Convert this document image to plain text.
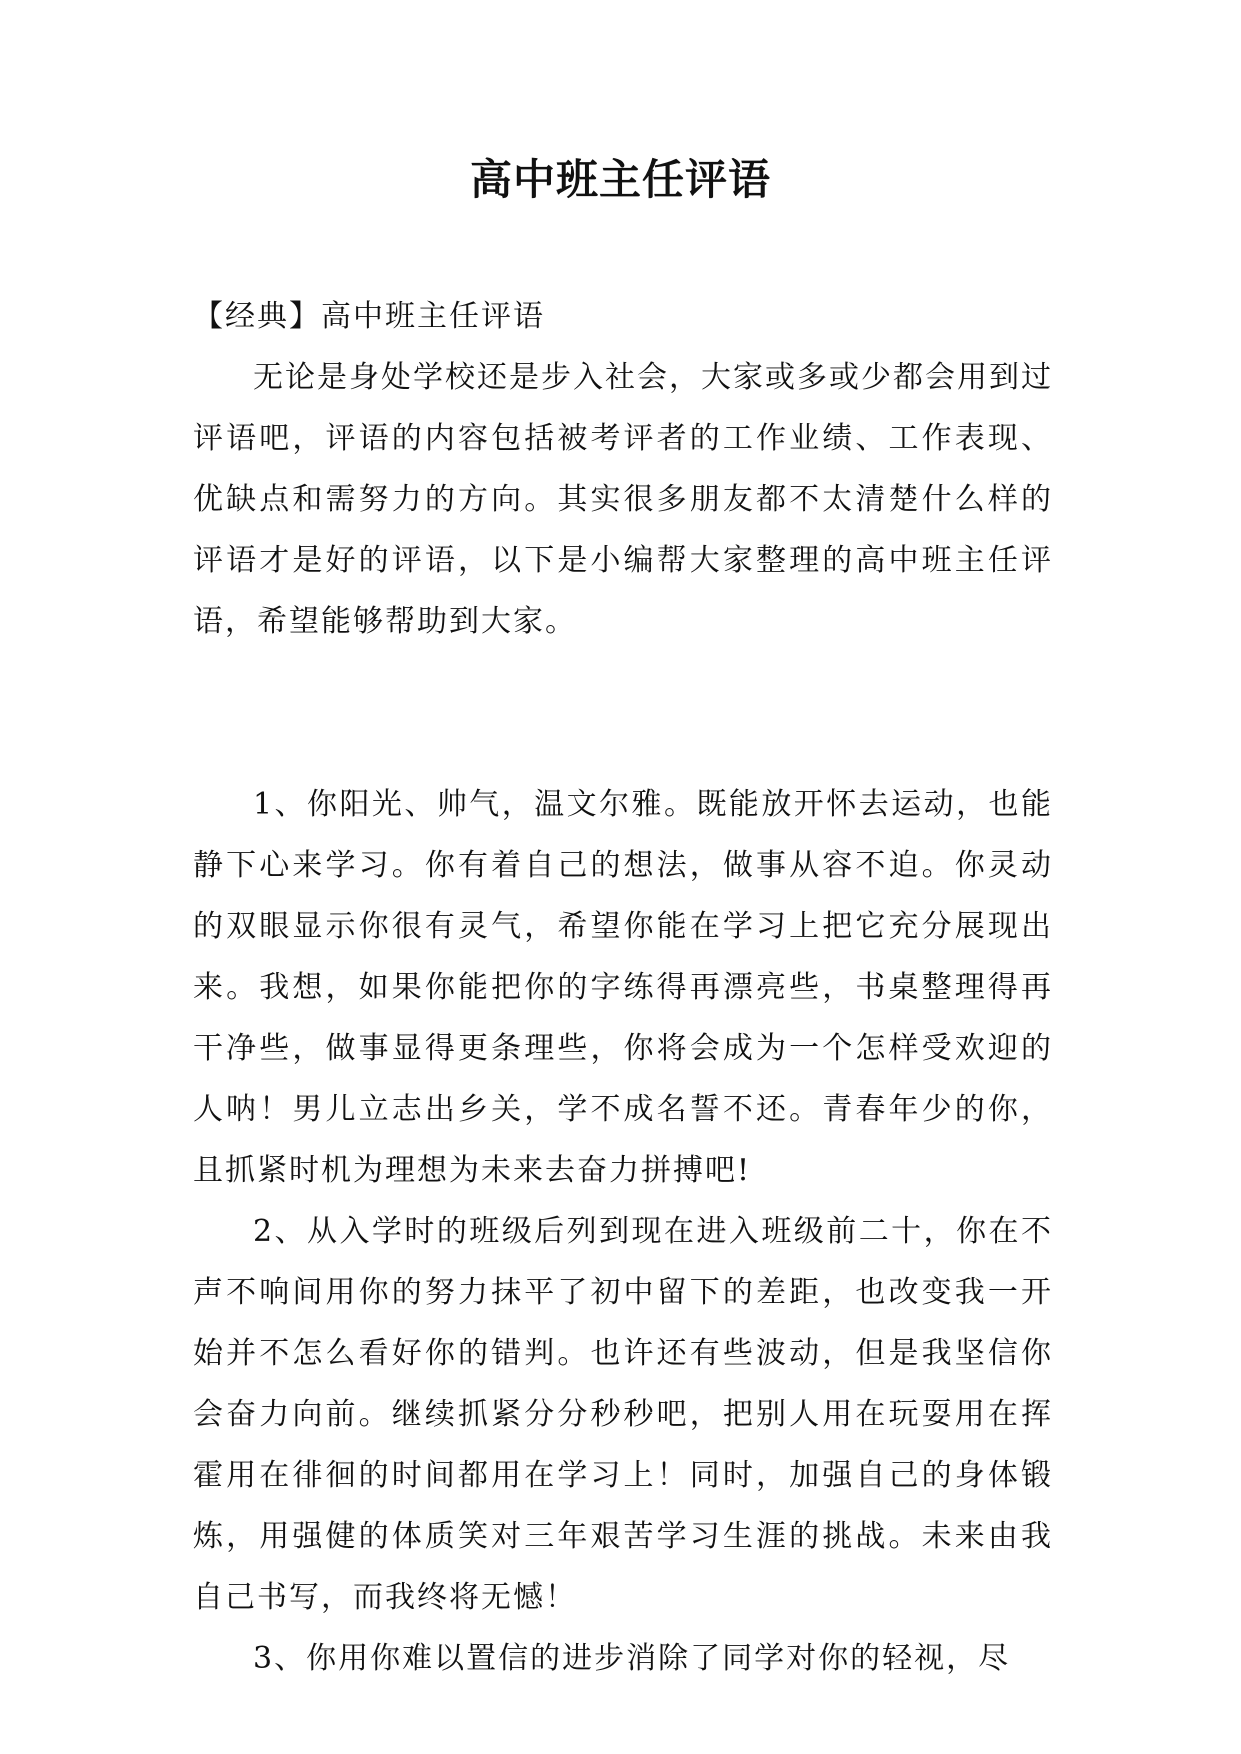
高中班主任评语

【经典】高中班主任评语

无论是身处学校还是步入社会，大家或多或少都会用到过评语吧，评语的内容包括被考评者的工作业绩、工作表现、优缺点和需努力的方向。其实很多朋友都不太清楚什么样的评语才是好的评语，以下是小编帮大家整理的高中班主任评语，希望能够帮助到大家。

1、你阳光、帅气，温文尔雅。既能放开怀去运动，也能静下心来学习。你有着自己的想法，做事从容不迫。你灵动的双眼显示你很有灵气，希望你能在学习上把它充分展现出来。我想，如果你能把你的字练得再漂亮些，书桌整理得再干净些，做事显得更条理些，你将会成为一个怎样受欢迎的人呐！男儿立志出乡关，学不成名誓不还。青春年少的你，且抓紧时机为理想为未来去奋力拼搏吧!

2、从入学时的班级后列到现在进入班级前二十，你在不声不响间用你的努力抹平了初中留下的差距，也改变我一开始并不怎么看好你的错判。也许还有些波动，但是我坚信你会奋力向前。继续抓紧分分秒秒吧，把别人用在玩耍用在挥霍用在徘徊的时间都用在学习上！同时，加强自己的身体锻炼，用强健的体质笑对三年艰苦学习生涯的挑战。未来由我自己书写，而我终将无憾！

3、你用你难以置信的进步消除了同学对你的轻视，尽
